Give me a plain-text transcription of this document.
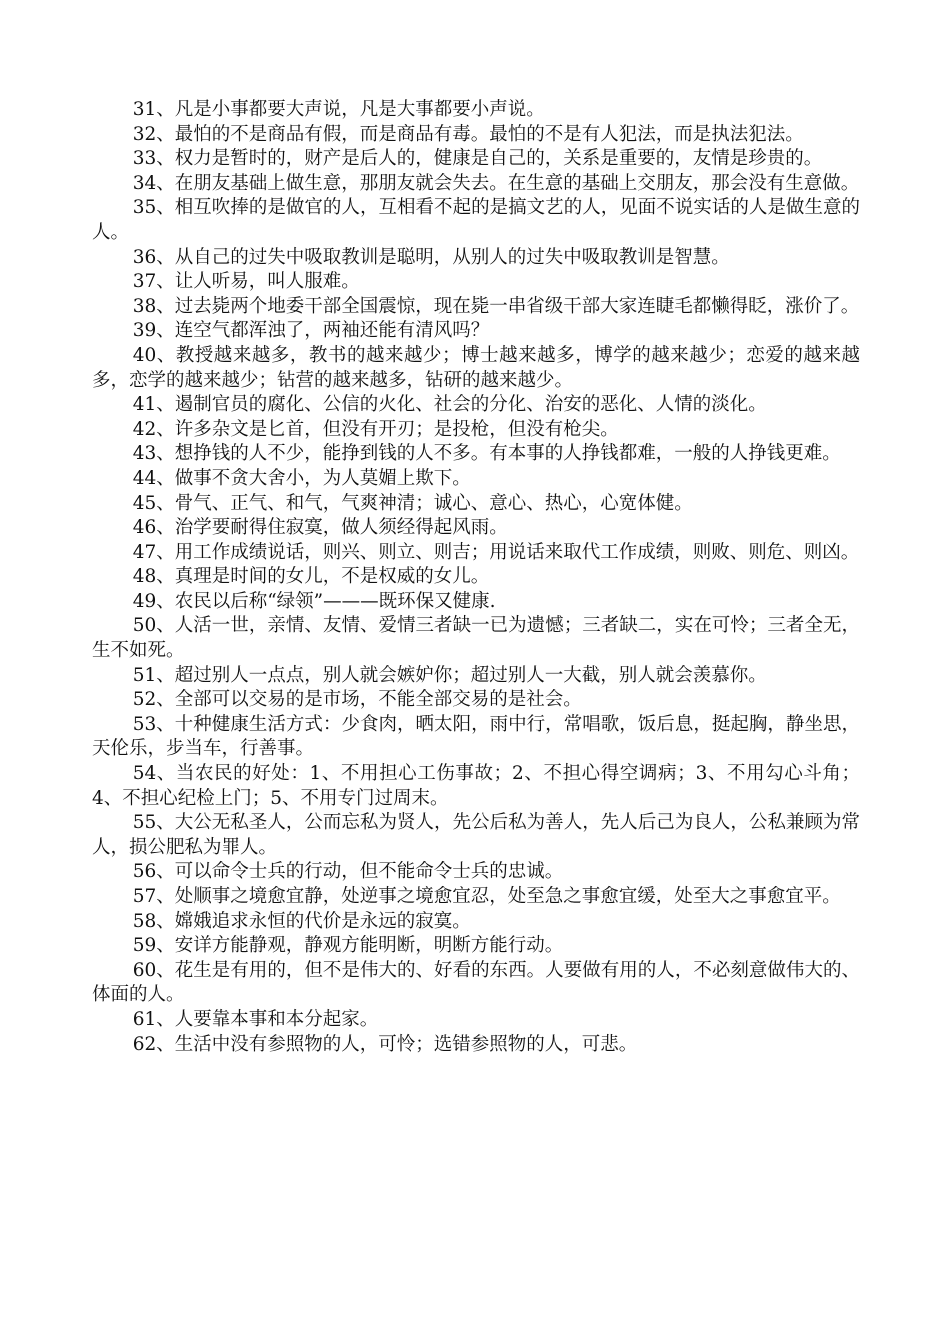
31、凡是小事都要大声说，凡是大事都要小声说。

32、最怕的不是商品有假，而是商品有毒。最怕的不是有人犯法，而是执法犯法。

33、权力是暂时的，财产是后人的，健康是自己的，关系是重要的，友情是珍贵的。

34、在朋友基础上做生意，那朋友就会失去。在生意的基础上交朋友，那会没有生意做。

35、相互吹捧的是做官的人，互相看不起的是搞文艺的人，见面不说实话的人是做生意的人。

36、从自己的过失中吸取教训是聪明，从别人的过失中吸取教训是智慧。

37、让人听易，叫人服难。

38、过去毙两个地委干部全国震惊，现在毙一串省级干部大家连睫毛都懒得眨，涨价了。

39、连空气都浑浊了，两袖还能有清风吗？

40、教授越来越多，教书的越来越少；博士越来越多，博学的越来越少；恋爱的越来越多，恋学的越来越少；钻营的越来越多，钻研的越来越少。

41、遏制官员的腐化、公信的火化、社会的分化、治安的恶化、人情的淡化。

42、许多杂文是匕首，但没有开刃；是投枪，但没有枪尖。

43、想挣钱的人不少，能挣到钱的人不多。有本事的人挣钱都难，一般的人挣钱更难。

44、做事不贪大舍小，为人莫媚上欺下。

45、骨气、正气、和气，气爽神清；诚心、意心、热心，心宽体健。

46、治学要耐得住寂寞，做人须经得起风雨。

47、用工作成绩说话，则兴、则立、则吉；用说话来取代工作成绩，则败、则危、则凶。

48、真理是时间的女儿，不是权威的女儿。

49、农民以后称“绿领”———既环保又健康.

50、人活一世，亲情、友情、爱情三者缺一已为遗憾；三者缺二，实在可怜；三者全无，生不如死。

51、超过别人一点点，别人就会嫉妒你；超过别人一大截，别人就会羡慕你。

52、全部可以交易的是市场，不能全部交易的是社会。

53、十种健康生活方式：少食肉，晒太阳，雨中行，常唱歌，饭后息，挺起胸，静坐思，天伦乐，步当车，行善事。

54、当农民的好处：1、不用担心工伤事故；2、不担心得空调病；3、不用勾心斗角；4、不担心纪检上门；5、不用专门过周末。

55、大公无私圣人，公而忘私为贤人，先公后私为善人，先人后己为良人，公私兼顾为常人，损公肥私为罪人。

56、可以命令士兵的行动，但不能命令士兵的忠诚。

57、处顺事之境愈宜静，处逆事之境愈宜忍，处至急之事愈宜缓，处至大之事愈宜平。

58、嫦娥追求永恒的代价是永远的寂寞。

59、安详方能静观，静观方能明断，明断方能行动。

60、花生是有用的，但不是伟大的、好看的东西。人要做有用的人，不必刻意做伟大的、体面的人。

61、人要靠本事和本分起家。

62、生活中没有参照物的人，可怜；选错参照物的人，可悲。
